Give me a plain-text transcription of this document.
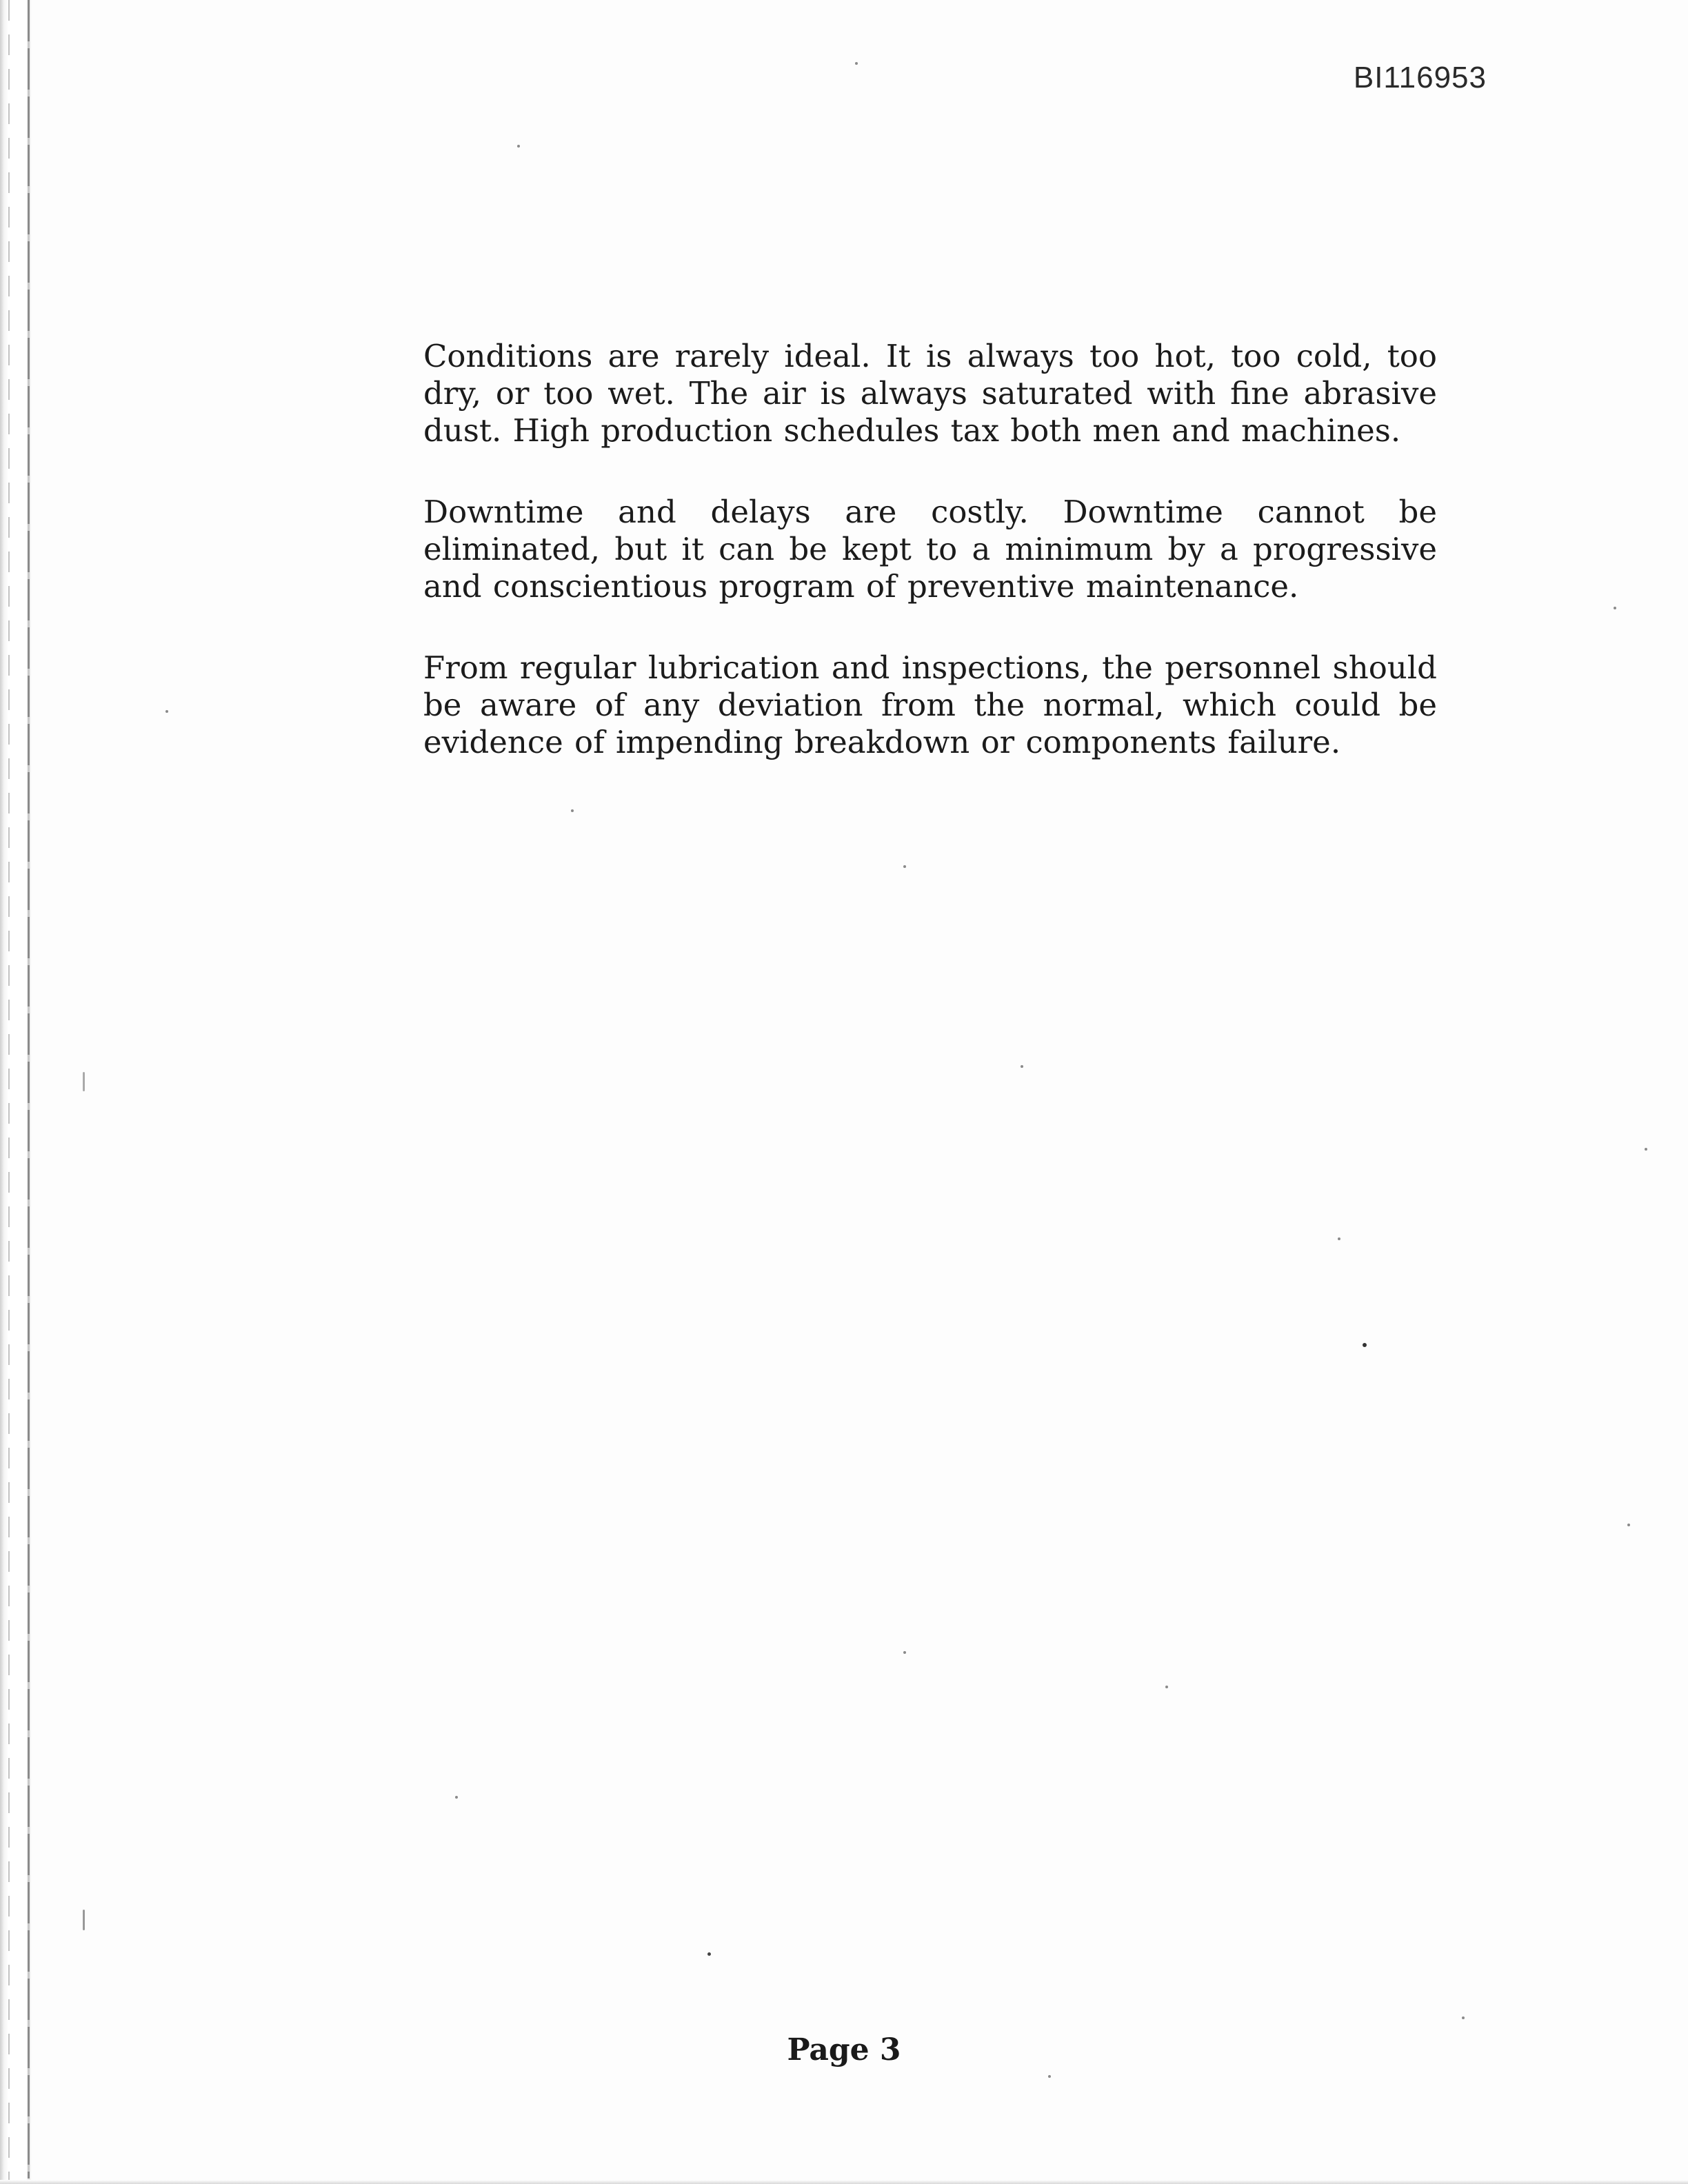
BI116953

Conditions are rarely ideal. It is always too hot, too cold, too dry, or too wet. The air is always saturated with fine abrasive dust. High production schedules tax both men and machines.

Downtime and delays are costly. Downtime cannot be eliminated, but it can be kept to a minimum by a progressive and conscientious program of preventive maintenance.

From regular lubrication and inspections, the personnel should be aware of any deviation from the normal, which could be evidence of impending breakdown or components failure.

Page 3
